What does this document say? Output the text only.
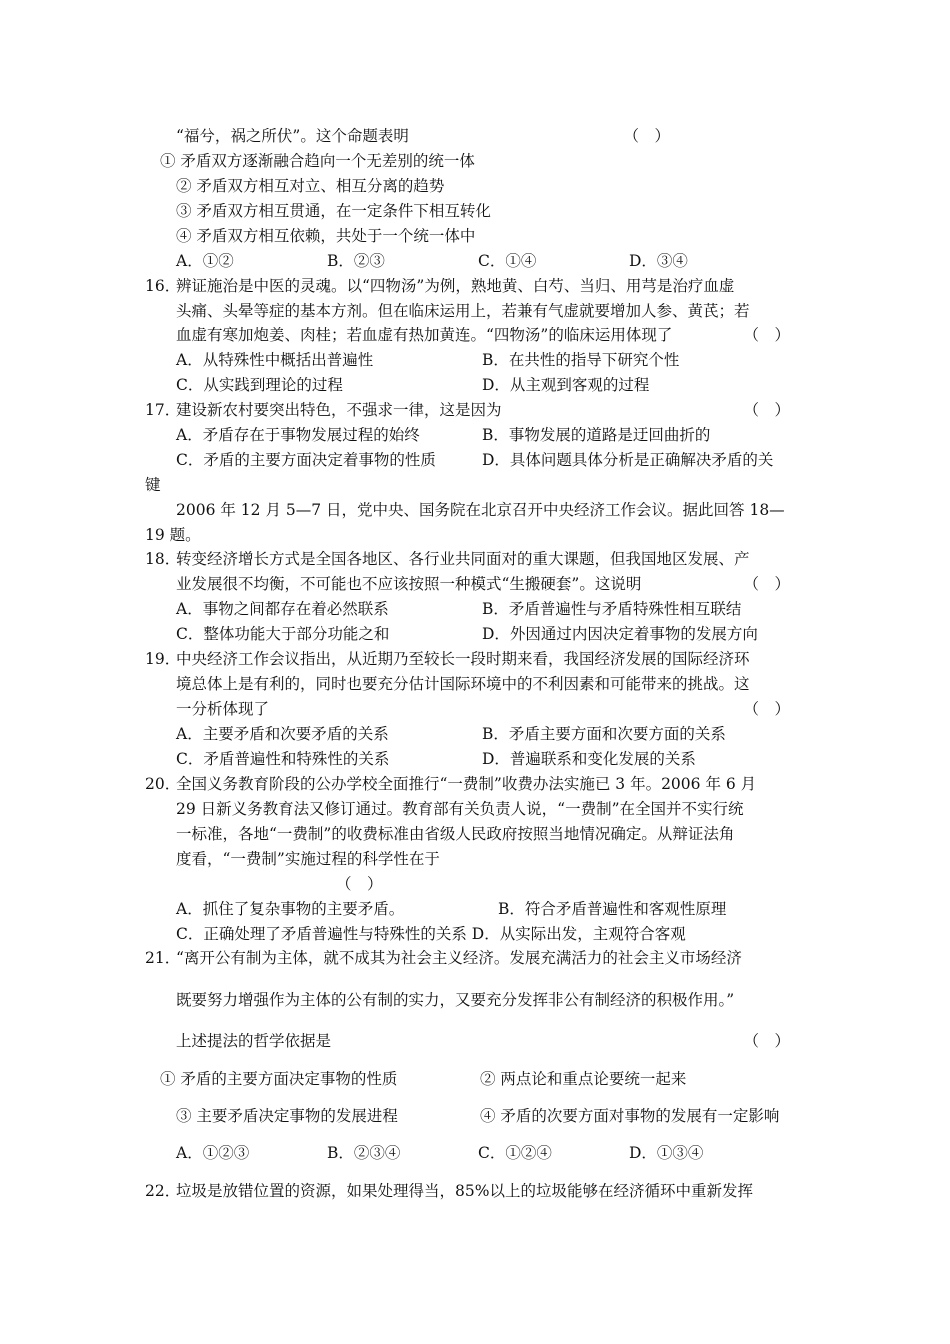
“福兮，祸之所伏”。这个命题表明	（　）
① 矛盾双方逐渐融合趋向一个无差别的统一体
② 矛盾双方相互对立、相互分离的趋势
③ 矛盾双方相互贯通，在一定条件下相互转化
④ 矛盾双方相互依赖，共处于一个统一体中
A．①②	B．②③	C．①④	D．③④
16．
辨证施治是中医的灵魂。以“四物汤”为例，熟地黄、白芍、当归、用芎是治疗血虚
头痛、头晕等症的基本方剂。但在临床运用上，若兼有气虚就要增加人参、黄芪；若
血虚有寒加炮姜、肉桂；若血虚有热加黄连。“四物汤”的临床运用体现了	（　）
A．从特殊性中概括出普遍性	B．在共性的指导下研究个性
C．从实践到理论的过程	D．从主观到客观的过程
17．
建设新农村要突出特色，不强求一律，这是因为	（　）
A．矛盾存在于事物发展过程的始终	B．事物发展的道路是迂回曲折的
C．矛盾的主要方面决定着事物的性质	D．具体问题具体分析是正确解决矛盾的关
键
2006 年 12 月 5—7 日，党中央、国务院在北京召开中央经济工作会议。据此回答 18—
19 题。
18．
转变经济增长方式是全国各地区、各行业共同面对的重大课题，但我国地区发展、产
业发展很不均衡，不可能也不应该按照一种模式“生搬硬套”。这说明	（　）
A．事物之间都存在着必然联系	B．矛盾普遍性与矛盾特殊性相互联结
C．整体功能大于部分功能之和	D．外因通过内因决定着事物的发展方向
19．
中央经济工作会议指出，从近期乃至较长一段时期来看，我国经济发展的国际经济环
境总体上是有利的，同时也要充分估计国际环境中的不利因素和可能带来的挑战。这
一分析体现了	（　）
A．主要矛盾和次要矛盾的关系	B．矛盾主要方面和次要方面的关系
C．矛盾普遍性和特殊性的关系	D．普遍联系和变化发展的关系
20．
全国义务教育阶段的公办学校全面推行“一费制”收费办法实施已 3 年。2006 年 6 月
29 日新义务教育法又修订通过。教育部有关负责人说，“一费制”在全国并不实行统
一标准，各地“一费制”的收费标准由省级人民政府按照当地情况确定。从辩证法角
度看，“一费制”实施过程的科学性在于
（　）
A．抓住了复杂事物的主要矛盾。	B．符合矛盾普遍性和客观性原理
C．正确处理了矛盾普遍性与特殊性的关系 D．从实际出发，主观符合客观
21．
“离开公有制为主体，就不成其为社会主义经济。发展充满活力的社会主义市场经济
既要努力增强作为主体的公有制的实力，又要充分发挥非公有制经济的积极作用。”
上述提法的哲学依据是	（　）
① 矛盾的主要方面决定事物的性质	② 两点论和重点论要统一起来
③ 主要矛盾决定事物的发展进程	④ 矛盾的次要方面对事物的发展有一定影响
A．①②③	B．②③④	C．①②④	D．①③④
22．
垃圾是放错位置的资源，如果处理得当，85%以上的垃圾能够在经济循环中重新发挥
